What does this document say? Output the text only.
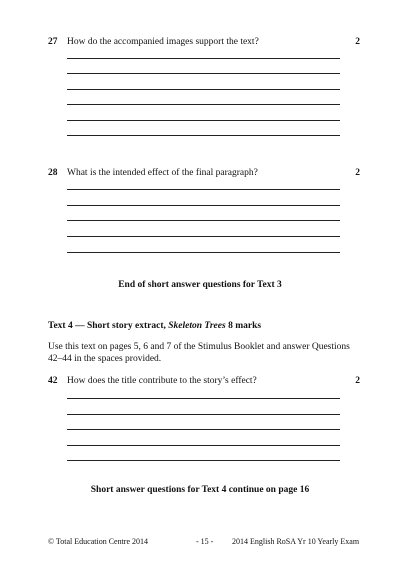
27 How do the accompanied images support the text?	2
28 What is the intended effect of the final paragraph?	2
End of short answer questions for Text 3
Text 4 — Short story extract, Skeleton Trees 8 marks
Use this text on pages 5, 6 and 7 of the Stimulus Booklet and answer Questions 42–44 in the spaces provided.
42 How does the title contribute to the story’s effect?	2
Short answer questions for Text 4 continue on page 16
© Total Education Centre 2014	- 15 - 2014 English RoSA Yr 10 Yearly Exam
